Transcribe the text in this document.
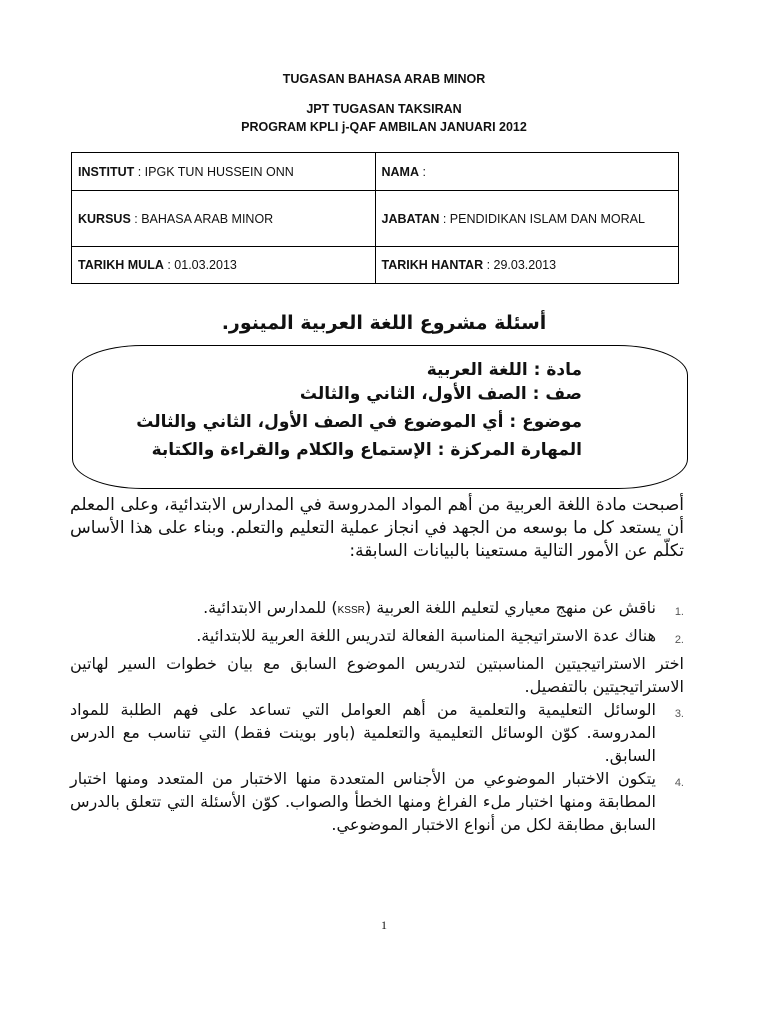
TUGASAN BAHASA ARAB MINOR
JPT TUGASAN TAKSIRAN
PROGRAM KPLI j-QAF AMBILAN JANUARI 2012
INSTITUT : IPGK TUN HUSSEIN ONN	NAMA :
KURSUS : BAHASA ARAB MINOR	JABATAN : PENDIDIKAN ISLAM DAN MORAL
TARIKH MULA : 01.03.2013	TARIKH HANTAR : 29.03.2013
أسئلة مشروع اللغة العربية المينور.
مادة : اللغة العربية
صف : الصف الأول، الثاني والثالث
موضوع : أي الموضوع في الصف الأول، الثاني والثالث
المهارة المركزة : الإستماع والكلام والقراءة والكتابة
أصبحت مادة اللغة العربية من أهم المواد المدروسة في المدارس الابتدائية، وعلى المعلم أن يستعد كل ما بوسعه من الجهد في انجاز عملية التعليم والتعلم. وبناء على هذا الأساس تكلّم عن الأمور التالية مستعينا بالبيانات السابقة:
1.
ناقش عن منهج معياري لتعليم اللغة العربية (KSSR) للمدارس الابتدائية.
2.
هناك عدة الاستراتيجية المناسبة الفعالة لتدريس اللغة العربية للابتدائية.
اختر الاستراتيجيتين المناسبتين لتدريس الموضوع السابق مع بيان خطوات السير لهاتين الاستراتيجيتين بالتفصيل.
3.
الوسائل التعليمية والتعلمية من أهم العوامل التي تساعد على فهم الطلبة للمواد المدروسة. كوّن الوسائل التعليمية والتعلمية (باور بوينت فقط) التي تناسب مع الدرس السابق.
4.
يتكون الاختبار الموضوعي من الأجناس المتعددة منها الاختبار من المتعدد ومنها اختبار المطابقة ومنها اختبار ملء الفراغ ومنها الخطأ والصواب. كوّن الأسئلة التي تتعلق بالدرس السابق مطابقة لكل من أنواع الاختبار الموضوعي.
1
